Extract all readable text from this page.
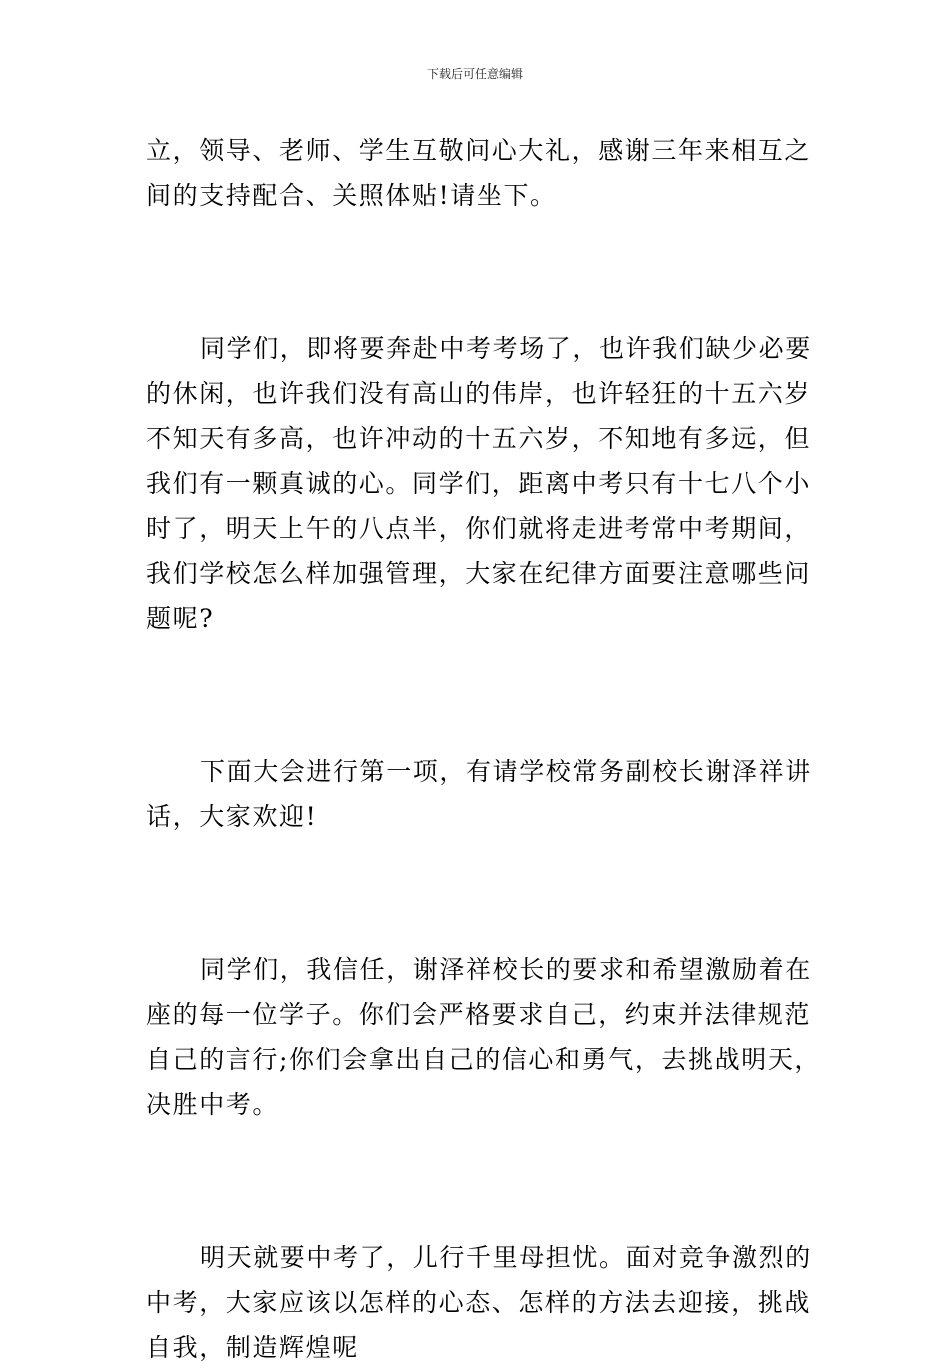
下载后可任意编辑
立，领导、老师、学生互敬问心大礼，感谢三年来相互之
间的支持配合、关照体贴!请坐下。
同学们，即将要奔赴中考考场了，也许我们缺少必要
的休闲，也许我们没有高山的伟岸，也许轻狂的十五六岁
不知天有多高，也许冲动的十五六岁，不知地有多远，但
我们有一颗真诚的心。同学们，距离中考只有十七八个小
时了，明天上午的八点半，你们就将走进考常中考期间，
我们学校怎么样加强管理，大家在纪律方面要注意哪些问
题呢?
下面大会进行第一项，有请学校常务副校长谢泽祥讲
话，大家欢迎!
同学们，我信任，谢泽祥校长的要求和希望激励着在
座的每一位学子。你们会严格要求自己，约束并法律规范
自己的言行;你们会拿出自己的信心和勇气，去挑战明天，
决胜中考。
明天就要中考了，儿行千里母担忧。面对竞争激烈的
中考，大家应该以怎样的心态、怎样的方法去迎接，挑战
自我，制造辉煌呢
